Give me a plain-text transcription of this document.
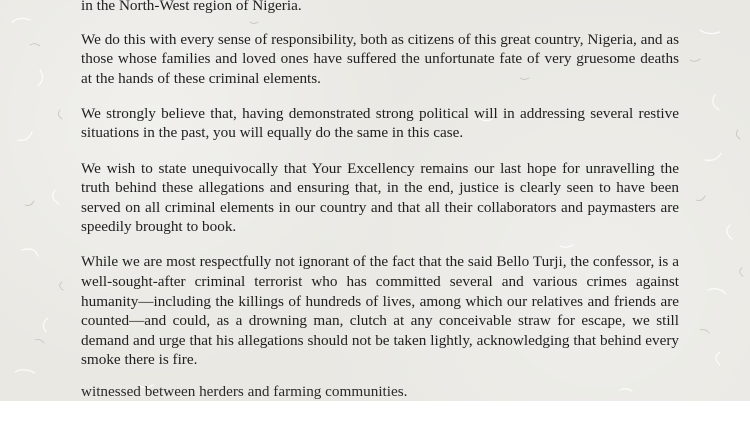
in the North-West region of Nigeria.

We do this with every sense of responsibility, both as citizens of this great country, Nigeria, and as those whose families and loved ones have suffered the unfortunate fate of very gruesome deaths at the hands of these criminal elements.

We strongly believe that, having demonstrated strong political will in addressing several restive situations in the past, you will equally do the same in this case.

We wish to state unequivocally that Your Excellency remains our last hope for unravelling the truth behind these allegations and ensuring that, in the end, justice is clearly seen to have been served on all criminal elements in our country and that all their collaborators and paymasters are speedily brought to book.

While we are most respectfully not ignorant of the fact that the said Bello Turji, the confessor, is a well-sought-after criminal terrorist who has committed several and various crimes against humanity—including the killings of hundreds of lives, among which our relatives and friends are counted—and could, as a drowning man, clutch at any conceivable straw for escape, we still demand and urge that his allegations should not be taken lightly, acknowledging that behind every smoke there is fire.

witnessed between herders and farming communities.
